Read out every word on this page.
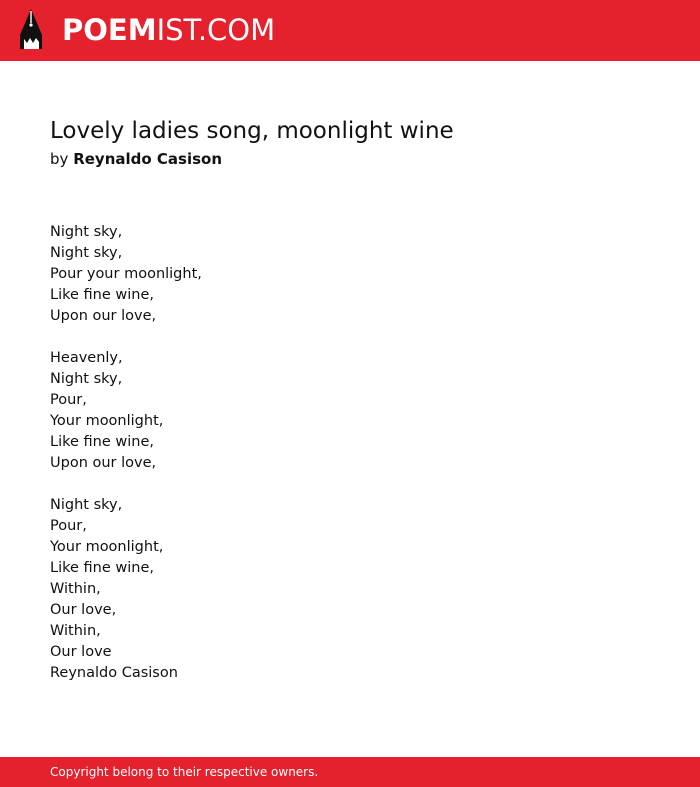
POEMIST.COM
Lovely ladies song, moonlight wine
by Reynaldo Casison
Night sky,
Night sky,
Pour your moonlight,
Like fine wine,
Upon our love,
Heavenly,
Night sky,
Pour,
Your moonlight,
Like fine wine,
Upon our love,
Night sky,
Pour,
Your moonlight,
Like fine wine,
Within,
Our love,
Within,
Our love
Reynaldo Casison
Copyright belong to their respective owners.
